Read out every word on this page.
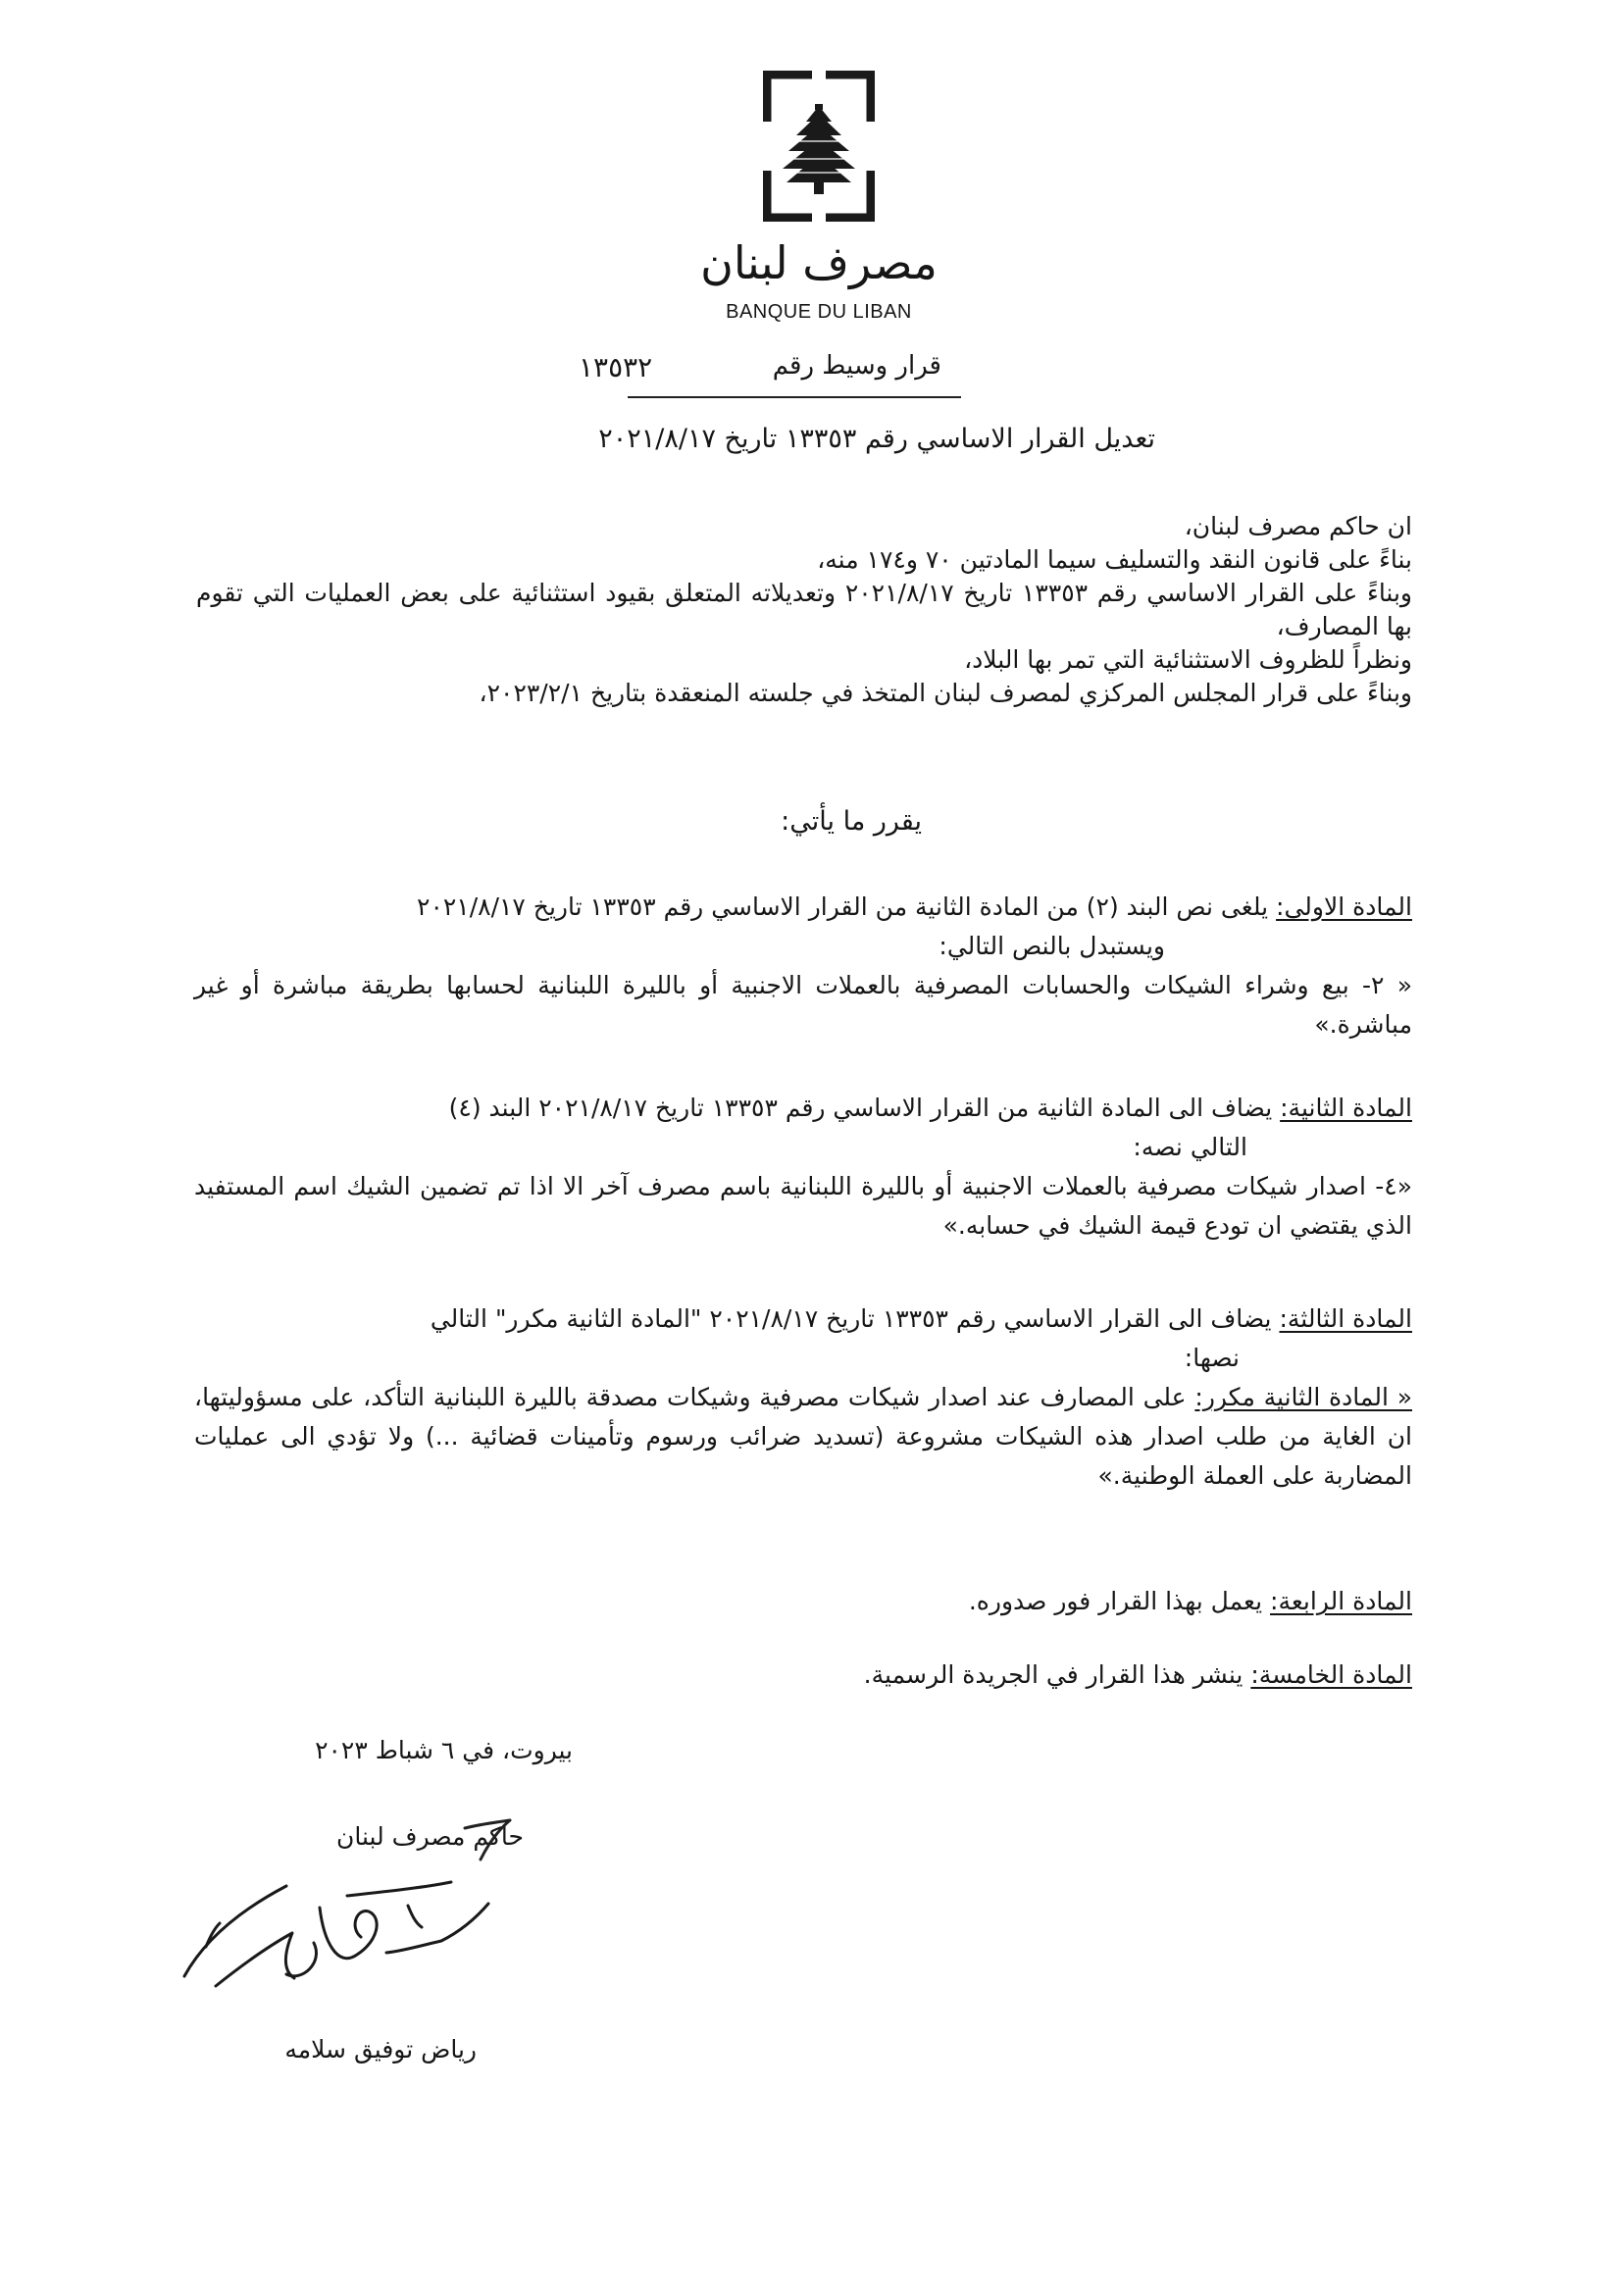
مصرف لبنان
BANQUE DU LIBAN
قرار وسيط رقم
١٣٥٣٢
تعديل القرار الاساسي رقم ١٣٣٥٣ تاريخ ٢٠٢١/٨/١٧
ان حاكم مصرف لبنان،
بناءً على قانون النقد والتسليف سيما المادتين ٧٠ و١٧٤ منه،
وبناءً على القرار الاساسي رقم ١٣٣٥٣ تاريخ ٢٠٢١/٨/١٧ وتعديلاته المتعلق بقيود استثنائية على بعض العمليات التي تقوم بها المصارف،
ونظراً للظروف الاستثنائية التي تمر بها البلاد،
وبناءً على قرار المجلس المركزي لمصرف لبنان المتخذ في جلسته المنعقدة بتاريخ ٢٠٢٣/٢/١،
يقرر ما يأتي:
المادة الاولى: يلغى نص البند (٢) من المادة الثانية من القرار الاساسي رقم ١٣٣٥٣ تاريخ ٢٠٢١/٨/١٧
ويستبدل بالنص التالي:
« ٢- بيع وشراء الشيكات والحسابات المصرفية بالعملات الاجنبية أو بالليرة اللبنانية لحسابها بطريقة مباشرة أو غير مباشرة.»
المادة الثانية: يضاف الى المادة الثانية من القرار الاساسي رقم ١٣٣٥٣ تاريخ ٢٠٢١/٨/١٧ البند (٤)
التالي نصه:
«٤- اصدار شيكات مصرفية بالعملات الاجنبية أو بالليرة اللبنانية باسم مصرف آخر الا اذا تم تضمين الشيك اسم المستفيد الذي يقتضي ان تودع قيمة الشيك في حسابه.»
المادة الثالثة: يضاف الى القرار الاساسي رقم ١٣٣٥٣ تاريخ ٢٠٢١/٨/١٧ "المادة الثانية مكرر" التالي
نصها:
« المادة الثانية مكرر: على المصارف عند اصدار شيكات مصرفية وشيكات مصدقة بالليرة اللبنانية التأكد، على مسؤوليتها، ان الغاية من طلب اصدار هذه الشيكات مشروعة (تسديد ضرائب ورسوم وتأمينات قضائية ...) ولا تؤدي الى عمليات المضاربة على العملة الوطنية.»
المادة الرابعة: يعمل بهذا القرار فور صدوره.
المادة الخامسة: ينشر هذا القرار في الجريدة الرسمية.
بيروت، في ٦ شباط ٢٠٢٣
حاكم مصرف لبنان
رياض توفيق سلامه
